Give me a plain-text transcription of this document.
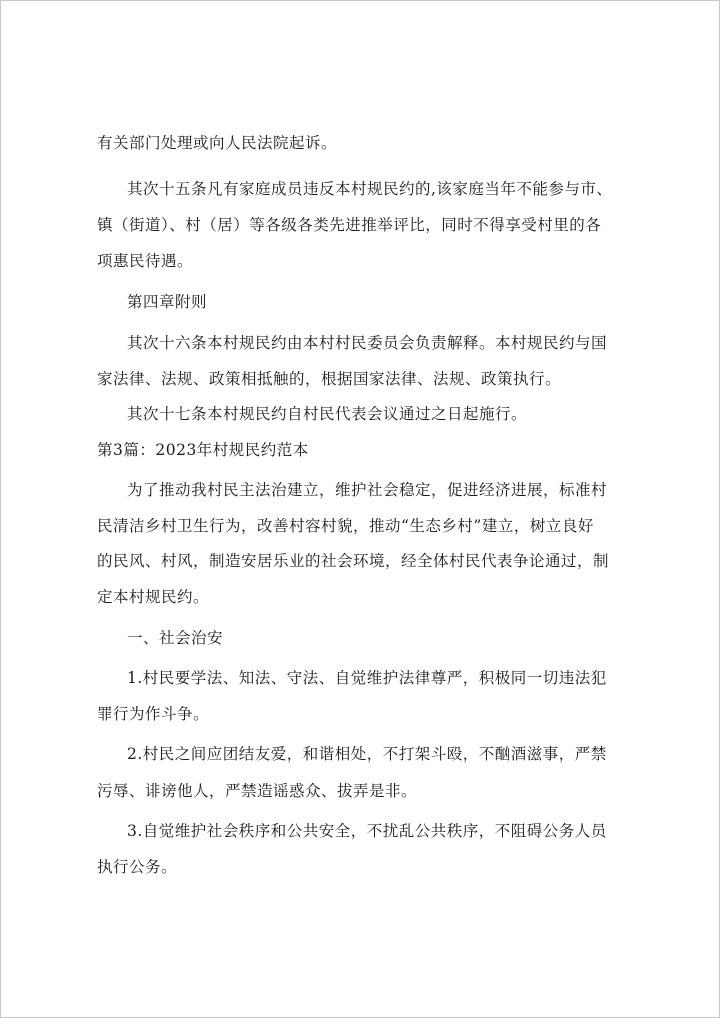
有关部门处理或向人民法院起诉。
其次十五条凡有家庭成员违反本村规民约的,该家庭当年不能参与市、
镇（街道）、村（居）等各级各类先进推举评比，同时不得享受村里的各
项惠民待遇。
第四章附则
其次十六条本村规民约由本村村民委员会负责解释。本村规民约与国
家法律、法规、政策相抵触的，根据国家法律、法规、政策执行。
其次十七条本村规民约自村民代表会议通过之日起施行。
第3篇：2023年村规民约范本
为了推动我村民主法治建立，维护社会稳定，促进经济进展，标准村
民清洁乡村卫生行为，改善村容村貌，推动“生态乡村”建立，树立良好
的民风、村风，制造安居乐业的社会环境，经全体村民代表争论通过，制
定本村规民约。
一、社会治安
1.村民要学法、知法、守法、自觉维护法律尊严，积极同一切违法犯
罪行为作斗争。
2.村民之间应团结友爱，和谐相处，不打架斗殴，不酗酒滋事，严禁
污辱、诽谤他人，严禁造谣惑众、拔弄是非。
3.自觉维护社会秩序和公共安全，不扰乱公共秩序，不阻碍公务人员
执行公务。
